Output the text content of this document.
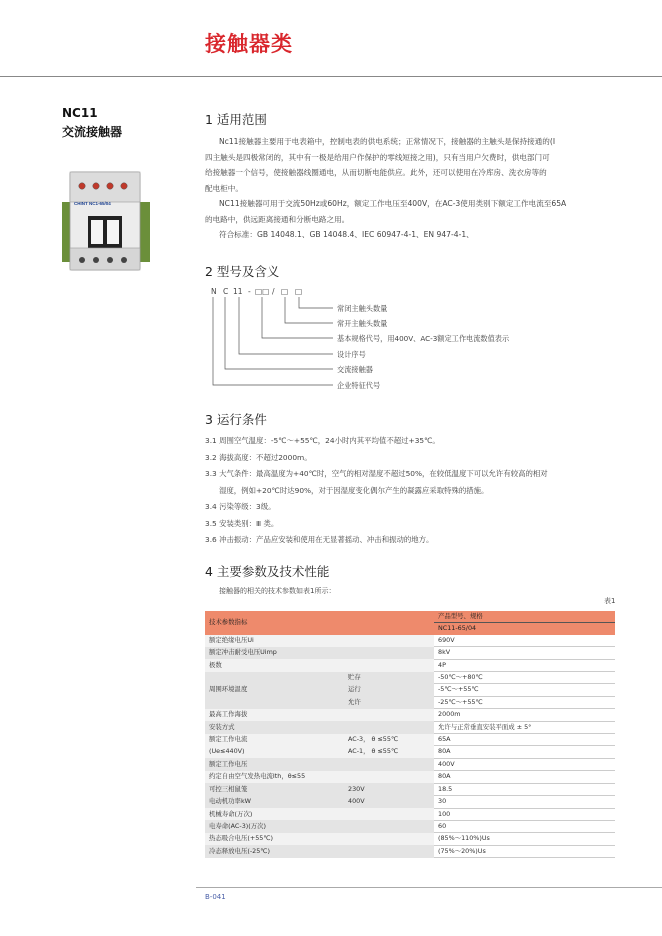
接触器类
NC11
交流接触器
CHINT NC1-65/04
1 适用范围
Nc11接触器主要用于电表箱中，控制电表的供电系统；正常情况下，接触器的主触头是保持接通的(I
四主触头是四极常闭的，其中有一极是给用户作保护的零线短接之用)，只有当用户欠费时，供电部门可
给接触器一个信号，使接触器线圈通电，从而切断电能供应。此外，还可以使用在冷库房、洗衣房等的
配电柜中。
NC11接触器可用于交流50Hz或60Hz，额定工作电压至400V，在AC-3使用类别下额定工作电流至65A
的电路中，供远距离接通和分断电路之用。
符合标准：GB 14048.1、GB 14048.4、IEC 60947-4-1、EN 947-4-1、
2 型号及含义
N C 11 - □□ / □ □
常闭主触头数量
常开主触头数量
基本规格代号，用400V、AC-3额定工作电流数值表示
设计序号
交流接触器
企业特征代号
3 运行条件
3.1 周围空气温度：-5℃～+55℃，24小时内其平均值不超过+35℃。
3.2 海拔高度：不超过2000m。
3.3 大气条件：最高温度为+40℃时，空气的相对湿度不超过50%，在较低温度下可以允许有较高的相对
湿度，例如+20℃时达90%，对于因湿度变化偶尔产生的凝露应采取特殊的措施。
3.4 污染等级：3级。
3.5 安装类别：Ⅲ 类。
3.6 冲击振动：产品应安装和使用在无显著摇动、冲击和振动的地方。
4 主要参数及技术性能
接触器的相关的技术参数如表1所示：
表1
技术参数指标		产品型号、规格
		NC11-65/04
额定绝缘电压Ui		690V
额定冲击耐受电压Uimp		8kV
极数		4P
	贮存	-50℃～+80℃
周围环境温度	运行	-5℃～+55℃
	允许	-25℃～+55℃
最高工作海拔		2000m
安装方式		允许与正常垂直安装平面成 ± 5°
额定工作电流	AC-3， θ ≤55℃	65A
(Ue≤440V)	AC-1， θ ≤55℃	80A
额定工作电压		400V
约定自由空气发热电流Ith，θ≤55		80A
可控三相鼠笼	230V	18.5
电动机功率kW	400V	30
机械寿命(万次)		100
电寿命(AC-3)(万次)		60
热态吸合电压(+55℃)		(85%～110%)Us
冷态释放电压(-25℃)		(75%～20%)Us
B-041
